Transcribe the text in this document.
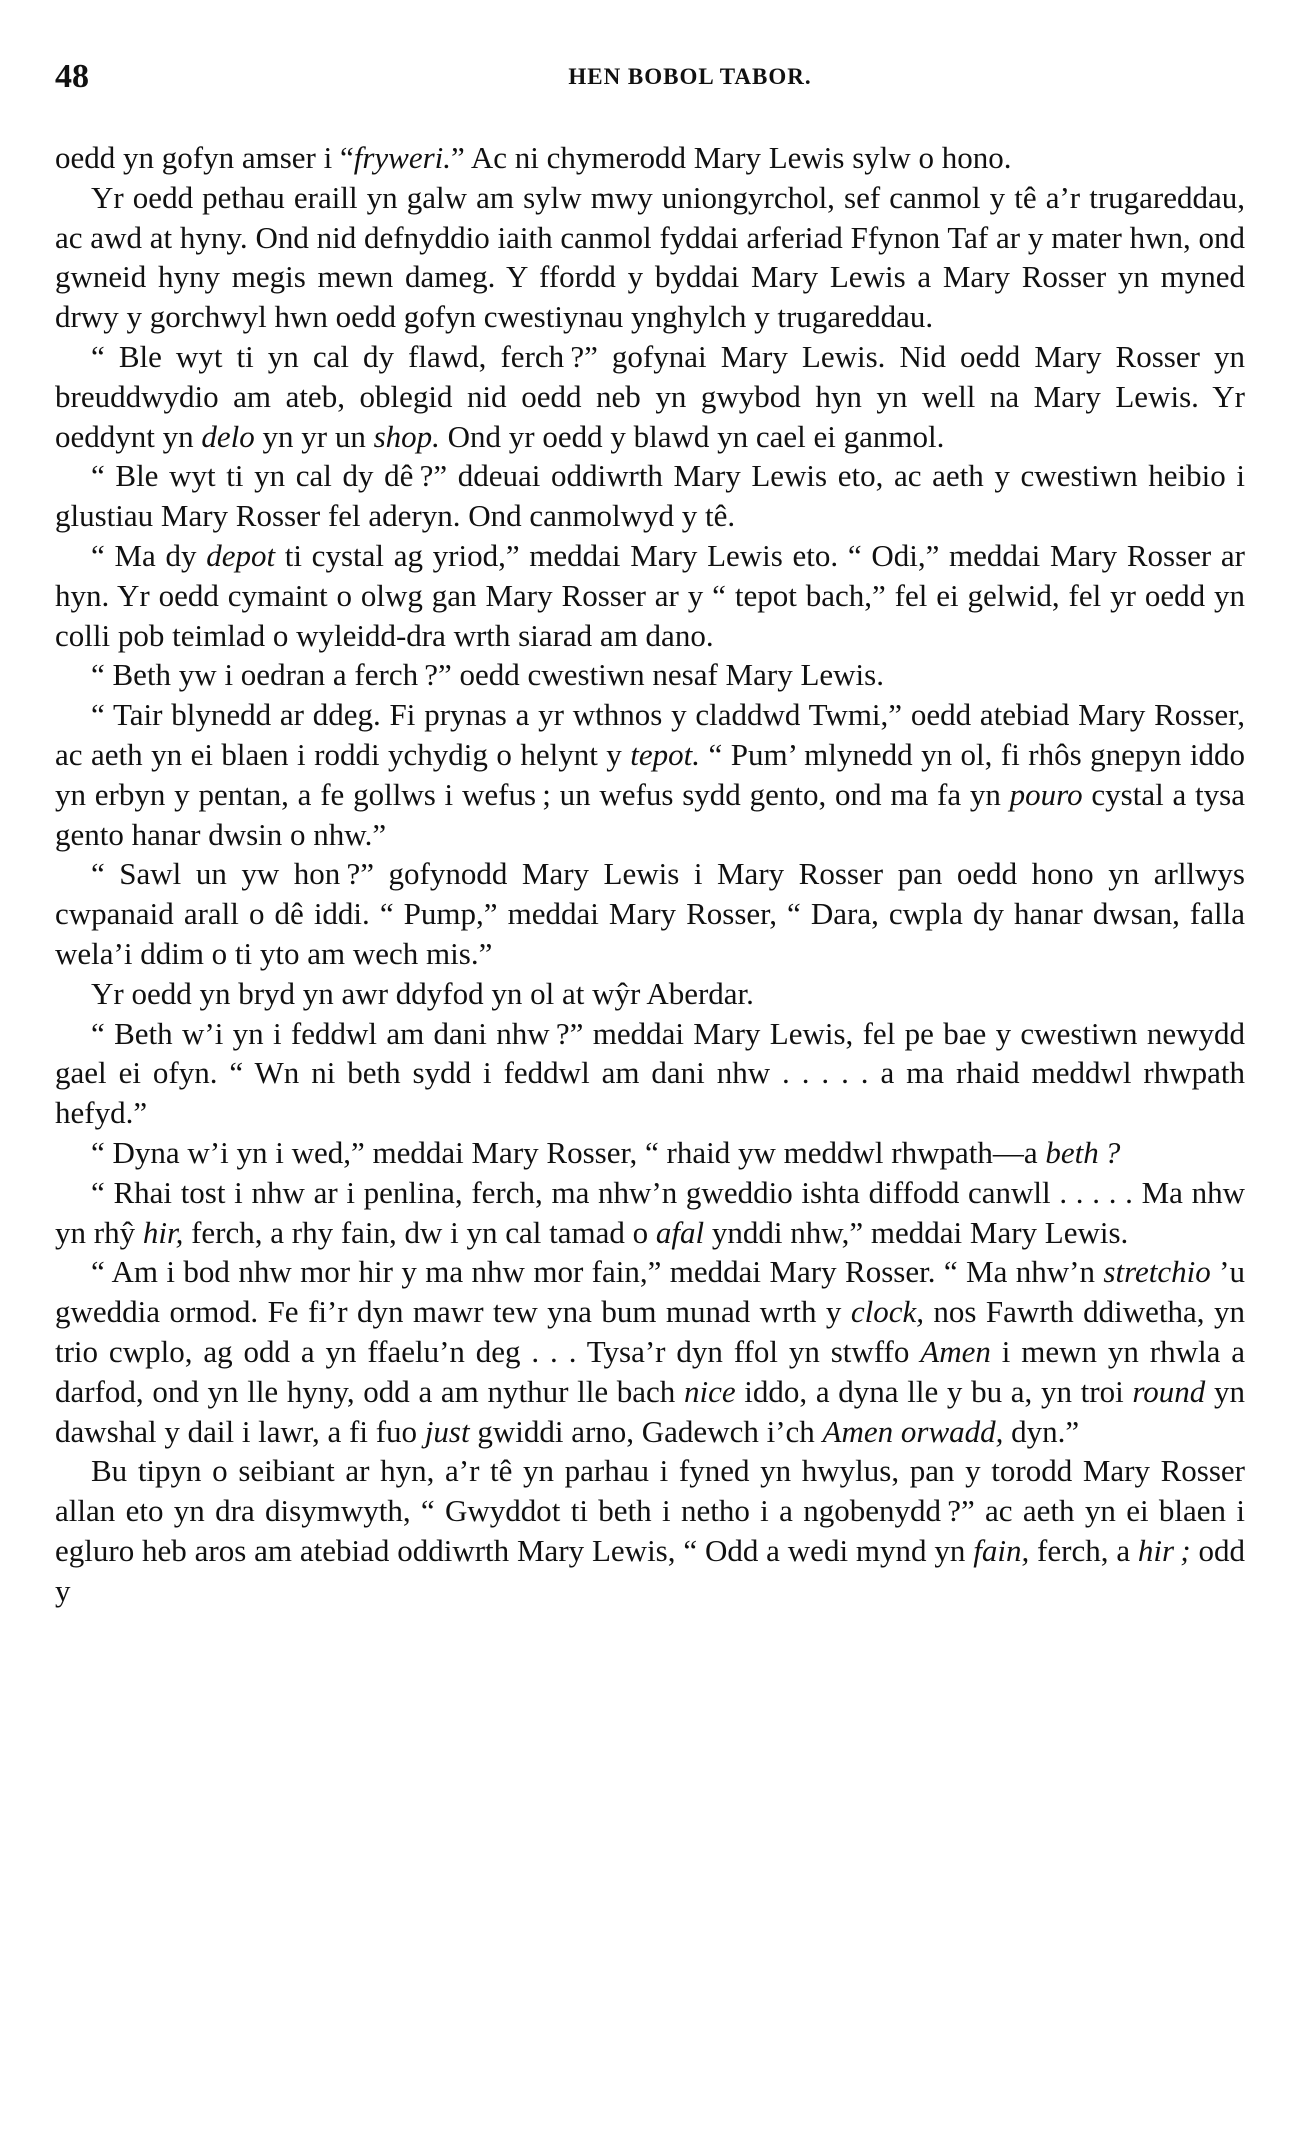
48	HEN BOBOL TABOR.

oedd yn gofyn amser i “fryweri.” Ac ni chymerodd Mary Lewis sylw o hono.

Yr oedd pethau eraill yn galw am sylw mwy uniongyrchol, sef canmol y tê a’r trugareddau, ac awd at hyny. Ond nid defnyddio iaith canmol fyddai arferiad Ffynon Taf ar y mater hwn, ond gwneid hyny megis mewn dameg. Y ffordd y byddai Mary Lewis a Mary Rosser yn myned drwy y gorchwyl hwn oedd gofyn cwestiynau ynghylch y trugareddau.

“ Ble wyt ti yn cal dy flawd, ferch ?” gofynai Mary Lewis. Nid oedd Mary Rosser yn breuddwydio am ateb, oblegid nid oedd neb yn gwybod hyn yn well na Mary Lewis. Yr oeddynt yn delo yn yr un shop. Ond yr oedd y blawd yn cael ei ganmol.

“ Ble wyt ti yn cal dy dê ?” ddeuai oddiwrth Mary Lewis eto, ac aeth y cwestiwn heibio i glustiau Mary Rosser fel aderyn. Ond canmolwyd y tê.

“ Ma dy depot ti cystal ag yriod,” meddai Mary Lewis eto. “ Odi,” meddai Mary Rosser ar hyn. Yr oedd cymaint o olwg gan Mary Rosser ar y “ tepot bach,” fel ei gelwid, fel yr oedd yn colli pob teimlad o wyleidd-dra wrth siarad am dano.

“ Beth yw i oedran a ferch ?” oedd cwestiwn nesaf Mary Lewis.

“ Tair blynedd ar ddeg. Fi prynas a yr wthnos y claddwd Twmi,” oedd atebiad Mary Rosser, ac aeth yn ei blaen i roddi ychydig o helynt y tepot. “ Pum’ mlynedd yn ol, fi rhôs gnepyn iddo yn erbyn y pentan, a fe gollws i wefus ; un wefus sydd gento, ond ma fa yn pouro cystal a tysa gento hanar dwsin o nhw.”

“ Sawl un yw hon ?” gofynodd Mary Lewis i Mary Rosser pan oedd hono yn arllwys cwpanaid arall o dê iddi. “ Pump,” meddai Mary Rosser, “ Dara, cwpla dy hanar dwsan, falla wela’i ddim o ti yto am wech mis.”

Yr oedd yn bryd yn awr ddyfod yn ol at wŷr Aberdar.

“ Beth w’i yn i feddwl am dani nhw ?” meddai Mary Lewis, fel pe bae y cwestiwn newydd gael ei ofyn. “ Wn ni beth sydd i feddwl am dani nhw . . . . . a ma rhaid meddwl rhwpath hefyd.”

“ Dyna w’i yn i wed,” meddai Mary Rosser, “ rhaid yw meddwl rhwpath—a beth ?

“ Rhai tost i nhw ar i penlina, ferch, ma nhw’n gweddio ishta diffodd canwll . . . . . Ma nhw yn rhŷ hir, ferch, a rhy fain, dw i yn cal tamad o afal ynddi nhw,” meddai Mary Lewis.

“ Am i bod nhw mor hir y ma nhw mor fain,” meddai Mary Rosser. “ Ma nhw’n stretchio ’u gweddia ormod. Fe fi’r dyn mawr tew yna bum munad wrth y clock, nos Fawrth ddiwetha, yn trio cwplo, ag odd a yn ffaelu’n deg . . . Tysa’r dyn ffol yn stwffo Amen i mewn yn rhwla a darfod, ond yn lle hyny, odd a am nythur lle bach nice iddo, a dyna lle y bu a, yn troi round yn dawshal y dail i lawr, a fi fuo just gwiddi arno, Gadewch i’ch Amen orwadd, dyn.”

Bu tipyn o seibiant ar hyn, a’r tê yn parhau i fyned yn hwylus, pan y torodd Mary Rosser allan eto yn dra disymwyth, “ Gwyddot ti beth i netho i a ngobenydd ?” ac aeth yn ei blaen i egluro heb aros am atebiad oddiwrth Mary Lewis, “ Odd a wedi mynd yn fain, ferch, a hir ; odd y
